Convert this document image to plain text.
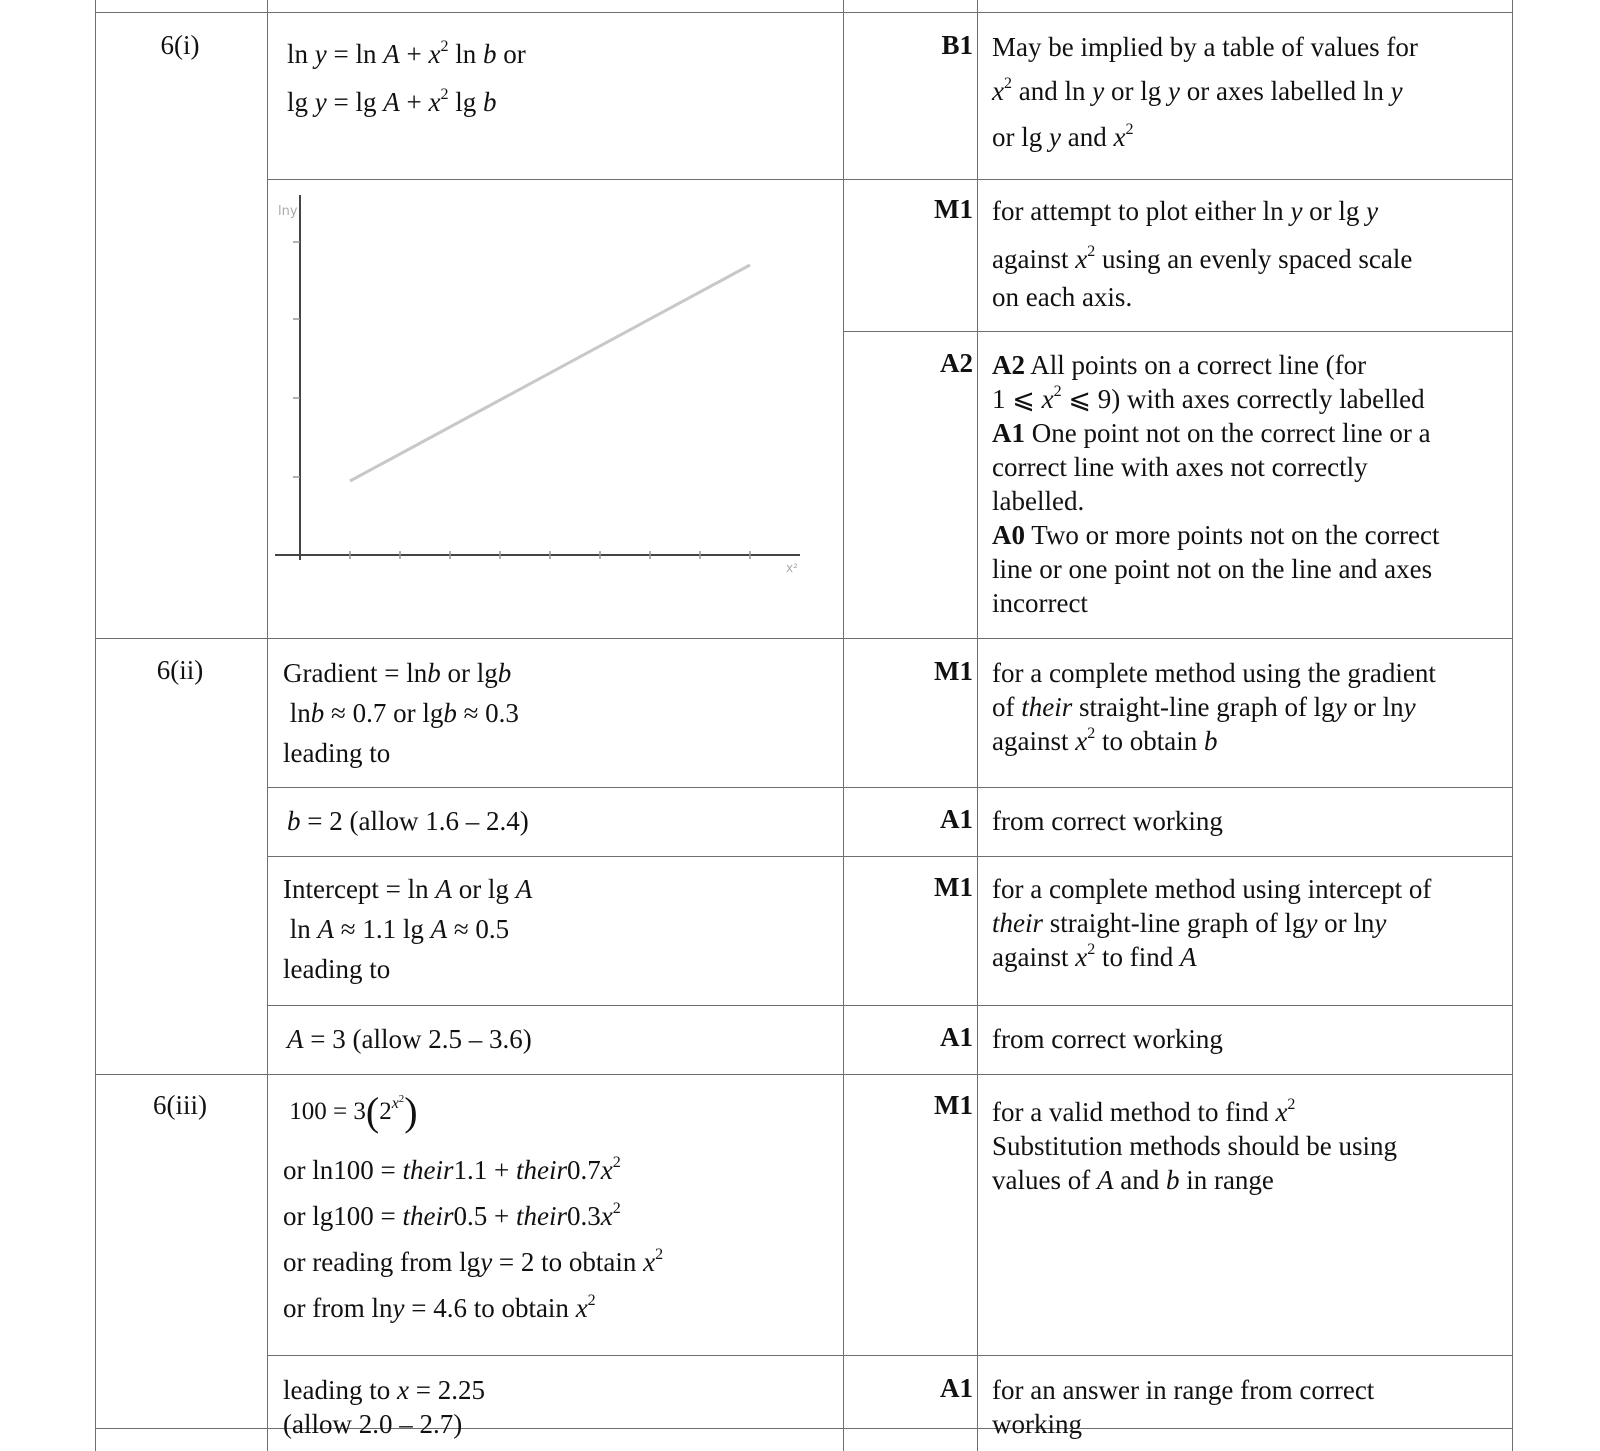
6(i)
6(ii)
6(iii)
$\ln y = \ln A + x^2$ ln b or
$\lg y = \lg A + x^2$ lg b
B1 May be implied by a table of values for
$x^2$ and ln y or lg y or axes labelled ln y
or lg y and $x^2$
lny
x²
M1 for attempt to plot either ln y or lg y
against $x^2$ using an evenly spaced scale
on each axis.
A2 A2 All points on a correct line (for
1 ⩽ $x^2$ ⩽ 9) with axes correctly labelled
A1 One point not on the correct line or a
correct line with axes not correctly
labelled.
A0 Two or more points not on the correct
line or one point not on the line and axes
incorrect
Gradient = lnb or lgb
lnb ≈ 0.7 or lgb ≈ 0.3
leading to
M1 for a complete method using the gradient
of their straight-line graph of lgy or lny
against $x^2$ to obtain b
b = 2 (allow 1.6 – 2.4)	A1 from correct working
Intercept = ln A or lg A
ln A ≈ 1.1 lg A ≈ 0.5
leading to
M1 for a complete method using intercept of
their straight-line graph of lgy or lny
against $x^2$ to find A
A = 3 (allow 2.5 – 3.6)	A1 from correct working
$100 = 3(2^{x^2})$
or ln100 = their1.1 + $their0.7x^2$
or lg100 = their0.5 + $their0.3x^2$
or reading from lgy = 2 to obtain $x^2$
or from lny = 4.6 to obtain $x^2$
M1 for a valid method to find $x^2$
Substitution methods should be using
values of A and b in range
leading to x = 2.25
(allow 2.0 – 2.7)
A1 for an answer in range from correct
working
